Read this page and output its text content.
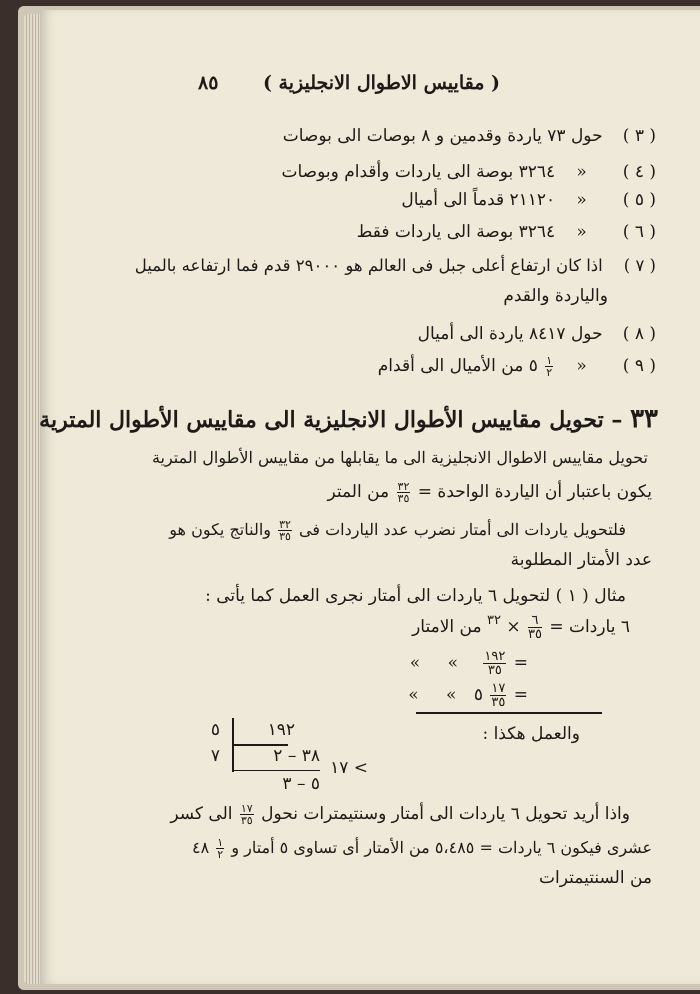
( مقاييس الاطوال الانجليزية )
٨٥
( ٣ ) حول ٧٣ ياردة وقدمين و ٨ بوصات الى بوصات
( ٤ ) « ٣٢٦٤ بوصة الى ياردات وأقدام وبوصات
( ٥ ) « ٢١١٢٠ قدماً الى أميال
( ٦ ) « ٣٢٦٤ بوصة الى ياردات فقط
( ٧ ) اذا كان ارتفاع أعلى جبل فى العالم هو ٢٩٠٠٠ قدم فما ارتفاعه بالميل
والياردة والقدم
( ٨ ) حول ٨٤١٧ ياردة الى أميال
( ٩ ) «
$\frac{١}{٢}$
٥ من الأميال الى أقدام
٣٣ – تحويل مقاييس الأطوال الانجليزية الى مقاييس الأطوال المترية
تحويل مقاييس الاطوال الانجليزية الى ما يقابلها من مقاييس الأطوال المترية
يكون باعتبار أن الياردة الواحدة =
$\frac{٣٢}{٣٥}$
من المتر
فلتحويل ياردات الى أمتار نضرب عدد الياردات فى
$\frac{٣٢}{٣٥}$
والناتج يكون هو
عدد الأمتار المطلوبة
مثال ( ١ ) لتحويل ٦ ياردات الى أمتار نجرى العمل كما يأتى :
٦ ياردات =
$\frac{٦}{٣٥}$
× $^{٣٢}$ من الامتار
=
$\frac{١٩٢}{٣٥}$
» »
=
$\frac{١٧}{٣٥}$
٥ » »
والعمل هكذا :
١٩٢
٥
٣٨ – ٢
٧
٥ – ٣
> ١٧
واذا أريد تحويل ٦ ياردات الى أمتار وسنتيمترات نحول
$\frac{١٧}{٣٥}$
الى كسر
عشرى فيكون ٦ ياردات = ٥،٤٨٥ من الأمتار أى تساوى ٥ أمتار و
$\frac{١}{٢}$
٤٨
من السنتيمترات
